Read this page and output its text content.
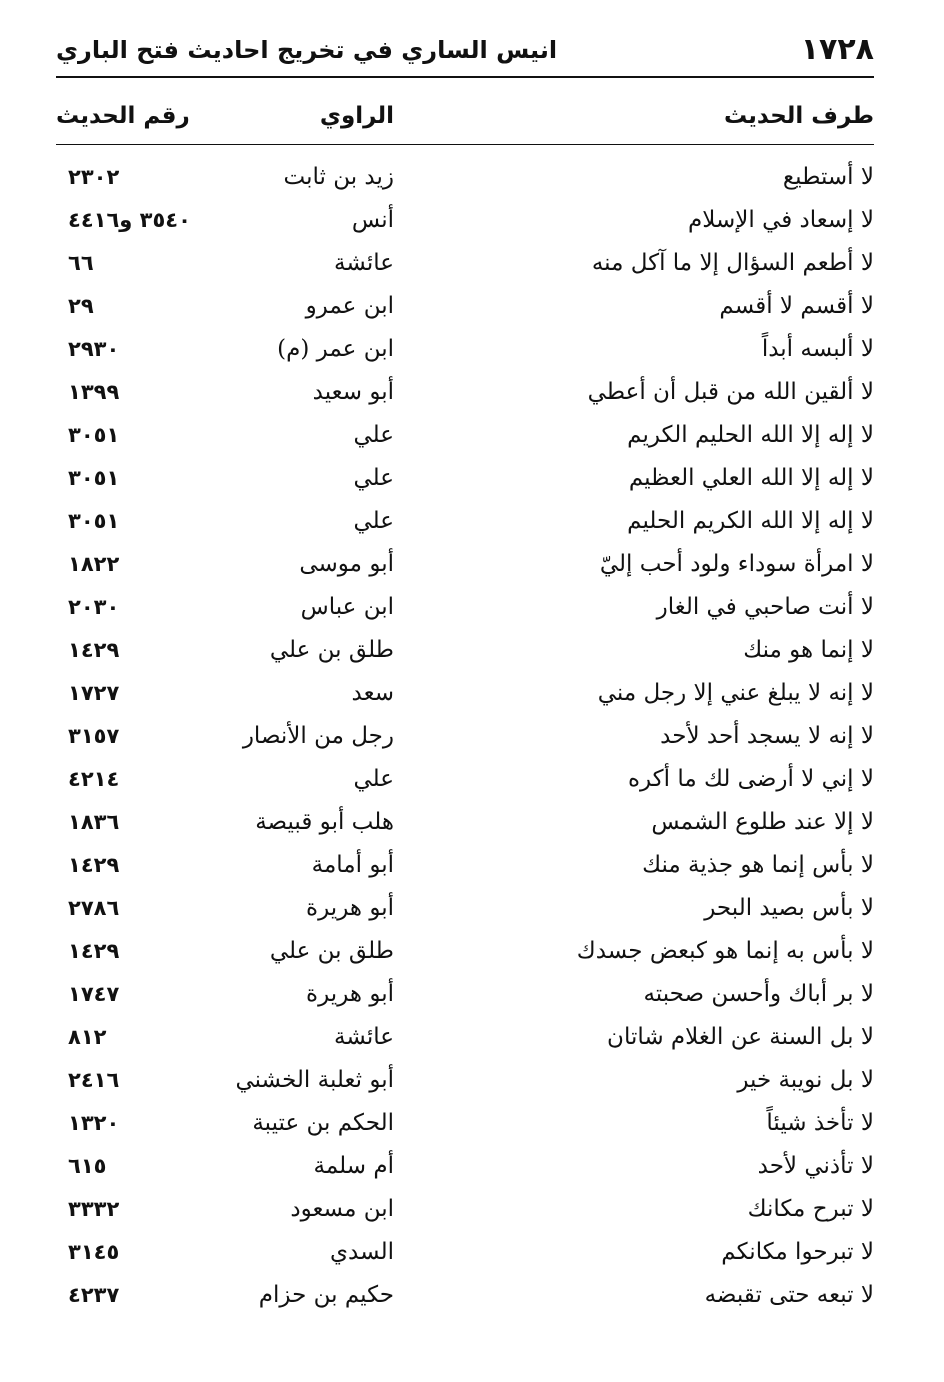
١٧٢٨
انيس الساري في تخريج احاديث فتح الباري
طرف الحديث
الراوي
رقم الحديث
لا أستطيع
زيد بن ثابت
٢٣٠٢
لا إسعاد في الإسلام
أنس
٣٥٤٠ و٤٤١٦
لا أطعم السؤال إلا ما آكل منه
عائشة
٦٦
لا أقسم لا أقسم
ابن عمرو
٢٩
لا ألبسه أبداً
ابن عمر (م)
٢٩٣٠
لا ألقين الله من قبل أن أعطي
أبو سعيد
١٣٩٩
لا إله إلا الله الحليم الكريم
علي
٣٠٥١
لا إله إلا الله العلي العظيم
علي
٣٠٥١
لا إله إلا الله الكريم الحليم
علي
٣٠٥١
لا امرأة سوداء ولود أحب إليّ
أبو موسى
١٨٢٢
لا أنت صاحبي في الغار
ابن عباس
٢٠٣٠
لا إنما هو منك
طلق بن علي
١٤٢٩
لا إنه لا يبلغ عني إلا رجل مني
سعد
١٧٢٧
لا إنه لا يسجد أحد لأحد
رجل من الأنصار
٣١٥٧
لا إني لا أرضى لك ما أكره
علي
٤٢١٤
لا إلا عند طلوع الشمس
هلب أبو قبيصة
١٨٣٦
لا بأس إنما هو جذية منك
أبو أمامة
١٤٢٩
لا بأس بصيد البحر
أبو هريرة
٢٧٨٦
لا بأس به إنما هو كبعض جسدك
طلق بن علي
١٤٢٩
لا بر أباك وأحسن صحبته
أبو هريرة
١٧٤٧
لا بل السنة عن الغلام شاتان
عائشة
٨١٢
لا بل نويبة خير
أبو ثعلبة الخشني
٢٤١٦
لا تأخذ شيئاً
الحكم بن عتيبة
١٣٢٠
لا تأذني لأحد
أم سلمة
٦١٥
لا تبرح مكانك
ابن مسعود
٣٣٣٢
لا تبرحوا مكانكم
السدي
٣١٤٥
لا تبعه حتى تقبضه
حكيم بن حزام
٤٢٣٧
